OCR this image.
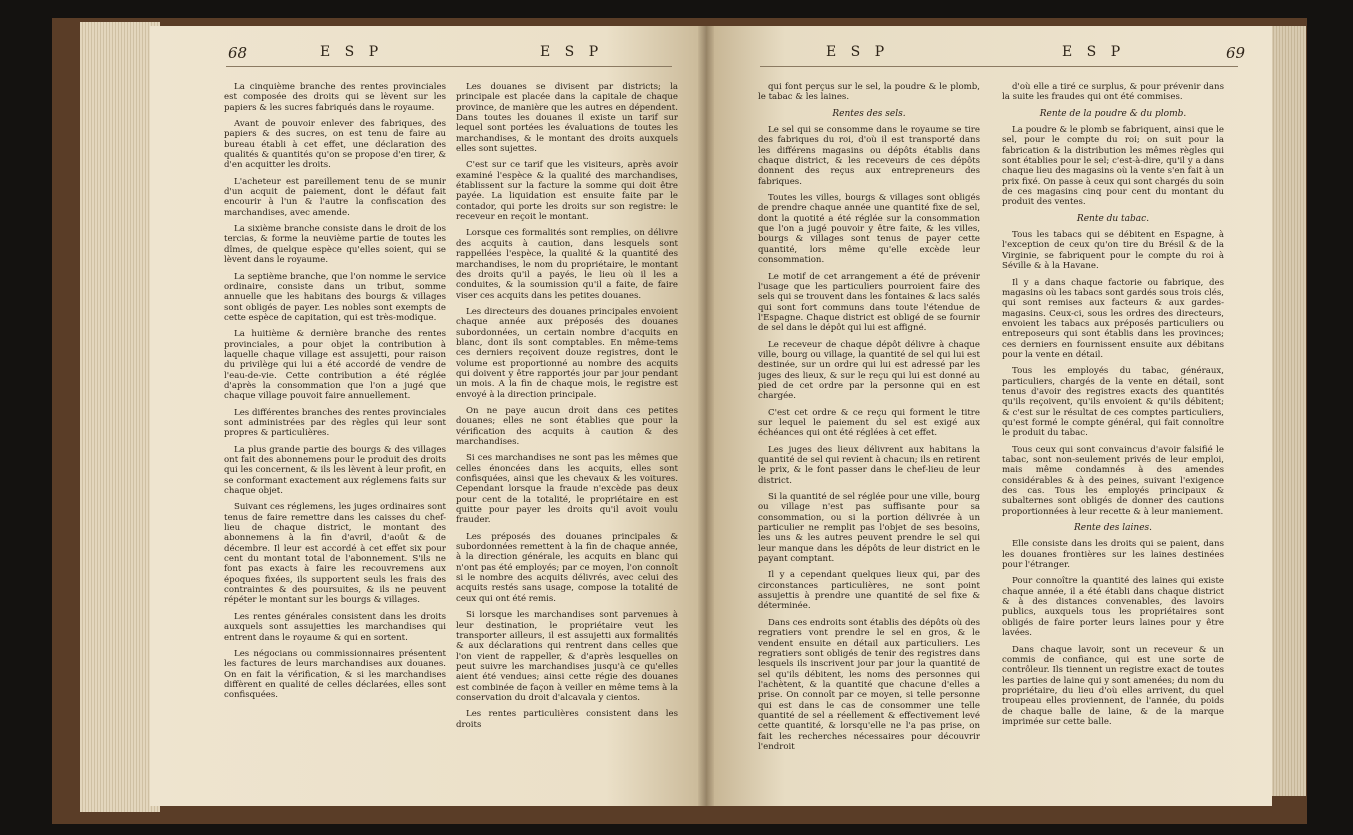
68	E S P	E S P	E S P	E S P	69

La cinquième branche des rentes provinciales est composée des droits qui se lèvent sur les papiers & les sucres fabriqués dans le royaume.

Avant de pouvoir enlever des fabriques, des papiers & des sucres, on est tenu de faire au bureau établi à cet effet, une déclaration des qualités & quantités qu'on se propose d'en tirer, & d'en acquitter les droits.

L'acheteur est pareillement tenu de se munir d'un acquit de paiement, dont le défaut fait encourir à l'un & l'autre la confiscation des marchandises, avec amende.

La sixième branche consiste dans le droit de los tercias, & forme la neuvième partie de toutes les dîmes, de quelque espèce qu'elles soient, qui se lèvent dans le royaume.

La septième branche, que l'on nomme le service ordinaire, consiste dans un tribut, somme annuelle que les habitans des bourgs & villages sont obligés de payer. Les nobles sont exempts de cette espèce de capitation, qui est très-modique.

La huitième & dernière branche des rentes provinciales, a pour objet la contribution à laquelle chaque village est assujetti, pour raison du privilège qui lui a été accordé de vendre de l'eau-de-vie. Cette contribution a été réglée d'après la consommation que l'on a jugé que chaque village pouvoit faire annuellement.

Les différentes branches des rentes provinciales sont administrées par des règles qui leur sont propres & particulières.

La plus grande partie des bourgs & des villages ont fait des abonnemens pour le produit des droits qui les concernent, & ils les lèvent à leur profit, en se conformant exactement aux réglemens faits sur chaque objet.

Suivant ces réglemens, les juges ordinaires sont tenus de faire remettre dans les caisses du chef-lieu de chaque district, le montant des abonnemens à la fin d'avril, d'août & de décembre. Il leur est accordé à cet effet six pour cent du montant total de l'abonnement. S'ils ne font pas exacts à faire les recouvremens aux époques fixées, ils supportent seuls les frais des contraintes & des poursuites, & ils ne peuvent répéter le montant sur les bourgs & villages.

Les rentes générales consistent dans les droits auxquels sont assujetties les marchandises qui entrent dans le royaume & qui en sortent.

Les négocians ou commissionnaires présentent les factures de leurs marchandises aux douanes. On en fait la vérification, & si les marchandises diffèrent en qualité de celles déclarées, elles sont confisquées.

Les douanes se divisent par districts; la principale est placée dans la capitale de chaque province, de manière que les autres en dépendent. Dans toutes les douanes il existe un tarif sur lequel sont portées les évaluations de toutes les marchandises, & le montant des droits auxquels elles sont sujettes.

C'est sur ce tarif que les visiteurs, après avoir examiné l'espèce & la qualité des marchandises, établissent sur la facture la somme qui doit être payée. La liquidation est ensuite faite par le contador, qui porte les droits sur son registre: le receveur en reçoit le montant.

Lorsque ces formalités sont remplies, on délivre des acquits à caution, dans lesquels sont rappellées l'espèce, la qualité & la quantité des marchandises, le nom du propriétaire, le montant des droits qu'il a payés, le lieu où il les a conduites, & la soumission qu'il a faite, de faire viser ces acquits dans les petites douanes.

Les directeurs des douanes principales envoient chaque année aux préposés des douanes subordonnées, un certain nombre d'acquits en blanc, dont ils sont comptables. En même-tems ces derniers reçoivent douze registres, dont le volume est proportionné au nombre des acquits qui doivent y être rapportés jour par jour pendant un mois. A la fin de chaque mois, le registre est envoyé à la direction principale.

On ne paye aucun droit dans ces petites douanes; elles ne sont établies que pour la vérification des acquits à caution & des marchandises.

Si ces marchandises ne sont pas les mêmes que celles énoncées dans les acquits, elles sont confisquées, ainsi que les chevaux & les voitures. Cependant lorsque la fraude n'excède pas deux pour cent de la totalité, le propriétaire en est quitte pour payer les droits qu'il avoit voulu frauder.

Les préposés des douanes principales & subordonnées remettent à la fin de chaque année, à la direction générale, les acquits en blanc qui n'ont pas été employés; par ce moyen, l'on connoît si le nombre des acquits délivrés, avec celui des acquits restés sans usage, compose la totalité de ceux qui ont été remis.

Si lorsque les marchandises sont parvenues à leur destination, le propriétaire veut les transporter ailleurs, il est assujetti aux formalités & aux déclarations qui rentrent dans celles que l'on vient de rappeller, & d'après lesquelles on peut suivre les marchandises jusqu'à ce qu'elles aient été vendues; ainsi cette régie des douanes est combinée de façon à veiller en même tems à la conservation du droit d'alcavala y cientos.

Les rentes particulières consistent dans les droits

qui font perçus sur le sel, la poudre & le plomb, le tabac & les laines.

Rentes des sels.

Le sel qui se consomme dans le royaume se tire des fabriques du roi, d'où il est transporté dans les différens magasins ou dépôts établis dans chaque district, & les receveurs de ces dépôts donnent des reçus aux entrepreneurs des fabriques.

Toutes les villes, bourgs & villages sont obligés de prendre chaque année une quantité fixe de sel, dont la quotité a été réglée sur la consommation que l'on a jugé pouvoir y être faite, & les villes, bourgs & villages sont tenus de payer cette quantité, lors même qu'elle excède leur consommation.

Le motif de cet arrangement a été de prévenir l'usage que les particuliers pourroient faire des sels qui se trouvent dans les fontaines & lacs salés qui sont fort communs dans toute l'étendue de l'Espagne. Chaque district est obligé de se fournir de sel dans le dépôt qui lui est affigné.

Le receveur de chaque dépôt délivre à chaque ville, bourg ou village, la quantité de sel qui lui est destinée, sur un ordre qui lui est adressé par les juges des lieux, & sur le reçu qui lui est donné au pied de cet ordre par la personne qui en est chargée.

C'est cet ordre & ce reçu qui forment le titre sur lequel le paiement du sel est exigé aux échéances qui ont été réglées à cet effet.

Les juges des lieux délivrent aux habitans la quantité de sel qui revient à chacun; ils en retirent le prix, & le font passer dans le chef-lieu de leur district.

Si la quantité de sel réglée pour une ville, bourg ou village n'est pas suffisante pour sa consommation, ou si la portion délivrée à un particulier ne remplit pas l'objet de ses besoins, les uns & les autres peuvent prendre le sel qui leur manque dans les dépôts de leur district en le payant comptant.

Il y a cependant quelques lieux qui, par des circonstances particulières, ne sont point assujettis à prendre une quantité de sel fixe & déterminée.

Dans ces endroits sont établis des dépôts où des regratiers vont prendre le sel en gros, & le vendent ensuite en détail aux particuliers. Les regratiers sont obligés de tenir des registres dans lesquels ils inscrivent jour par jour la quantité de sel qu'ils débitent, les noms des personnes qui l'achètent, & la quantité que chacune d'elles a prise. On connoît par ce moyen, si telle personne qui est dans le cas de consommer une telle quantité de sel a réellement & effectivement levé cette quantité, & lorsqu'elle ne l'a pas prise, on fait les recherches nécessaires pour découvrir l'endroit

d'où elle a tiré ce surplus, & pour prévenir dans la suite les fraudes qui ont été commises.

Rente de la poudre & du plomb.

La poudre & le plomb se fabriquent, ainsi que le sel, pour le compte du roi; on suit pour la fabrication & la distribution les mêmes règles qui sont établies pour le sel; c'est-à-dire, qu'il y a dans chaque lieu des magasins où la vente s'en fait à un prix fixé. On passe à ceux qui sont chargés du soin de ces magasins cinq pour cent du montant du produit des ventes.

Rente du tabac.

Tous les tabacs qui se débitent en Espagne, à l'exception de ceux qu'on tire du Brésil & de la Virginie, se fabriquent pour le compte du roi à Séville & à la Havane.

Il y a dans chaque factorie ou fabrique, des magasins où les tabacs sont gardés sous trois clés, qui sont remises aux facteurs & aux gardes-magasins. Ceux-ci, sous les ordres des directeurs, envoient les tabacs aux préposés particuliers ou entreposeurs qui sont établis dans les provinces; ces derniers en fournissent ensuite aux débitans pour la vente en détail.

Tous les employés du tabac, généraux, particuliers, chargés de la vente en détail, sont tenus d'avoir des registres exacts des quantités qu'ils reçoivent, qu'ils envoient & qu'ils débitent; & c'est sur le résultat de ces comptes particuliers, qu'est formé le compte général, qui fait connoître le produit du tabac.

Tous ceux qui sont convaincus d'avoir falsifié le tabac, sont non-seulement privés de leur emploi, mais même condamnés à des amendes considérables & à des peines, suivant l'exigence des cas. Tous les employés principaux & subalternes sont obligés de donner des cautions proportionnées à leur recette & à leur maniement.

Rente des laines.

Elle consiste dans les droits qui se paient, dans les douanes frontières sur les laines destinées pour l'étranger.

Pour connoître la quantité des laines qui existe chaque année, il a été établi dans chaque district & à des distances convenables, des lavoirs publics, auxquels tous les propriétaires sont obligés de faire porter leurs laines pour y être lavées.

Dans chaque lavoir, sont un receveur & un commis de confiance, qui est une sorte de contrôleur. Ils tiennent un registre exact de toutes les parties de laine qui y sont amenées; du nom du propriétaire, du lieu d'où elles arrivent, du quel troupeau elles proviennent, de l'année, du poids de chaque balle de laine, & de la marque imprimée sur cette balle.
